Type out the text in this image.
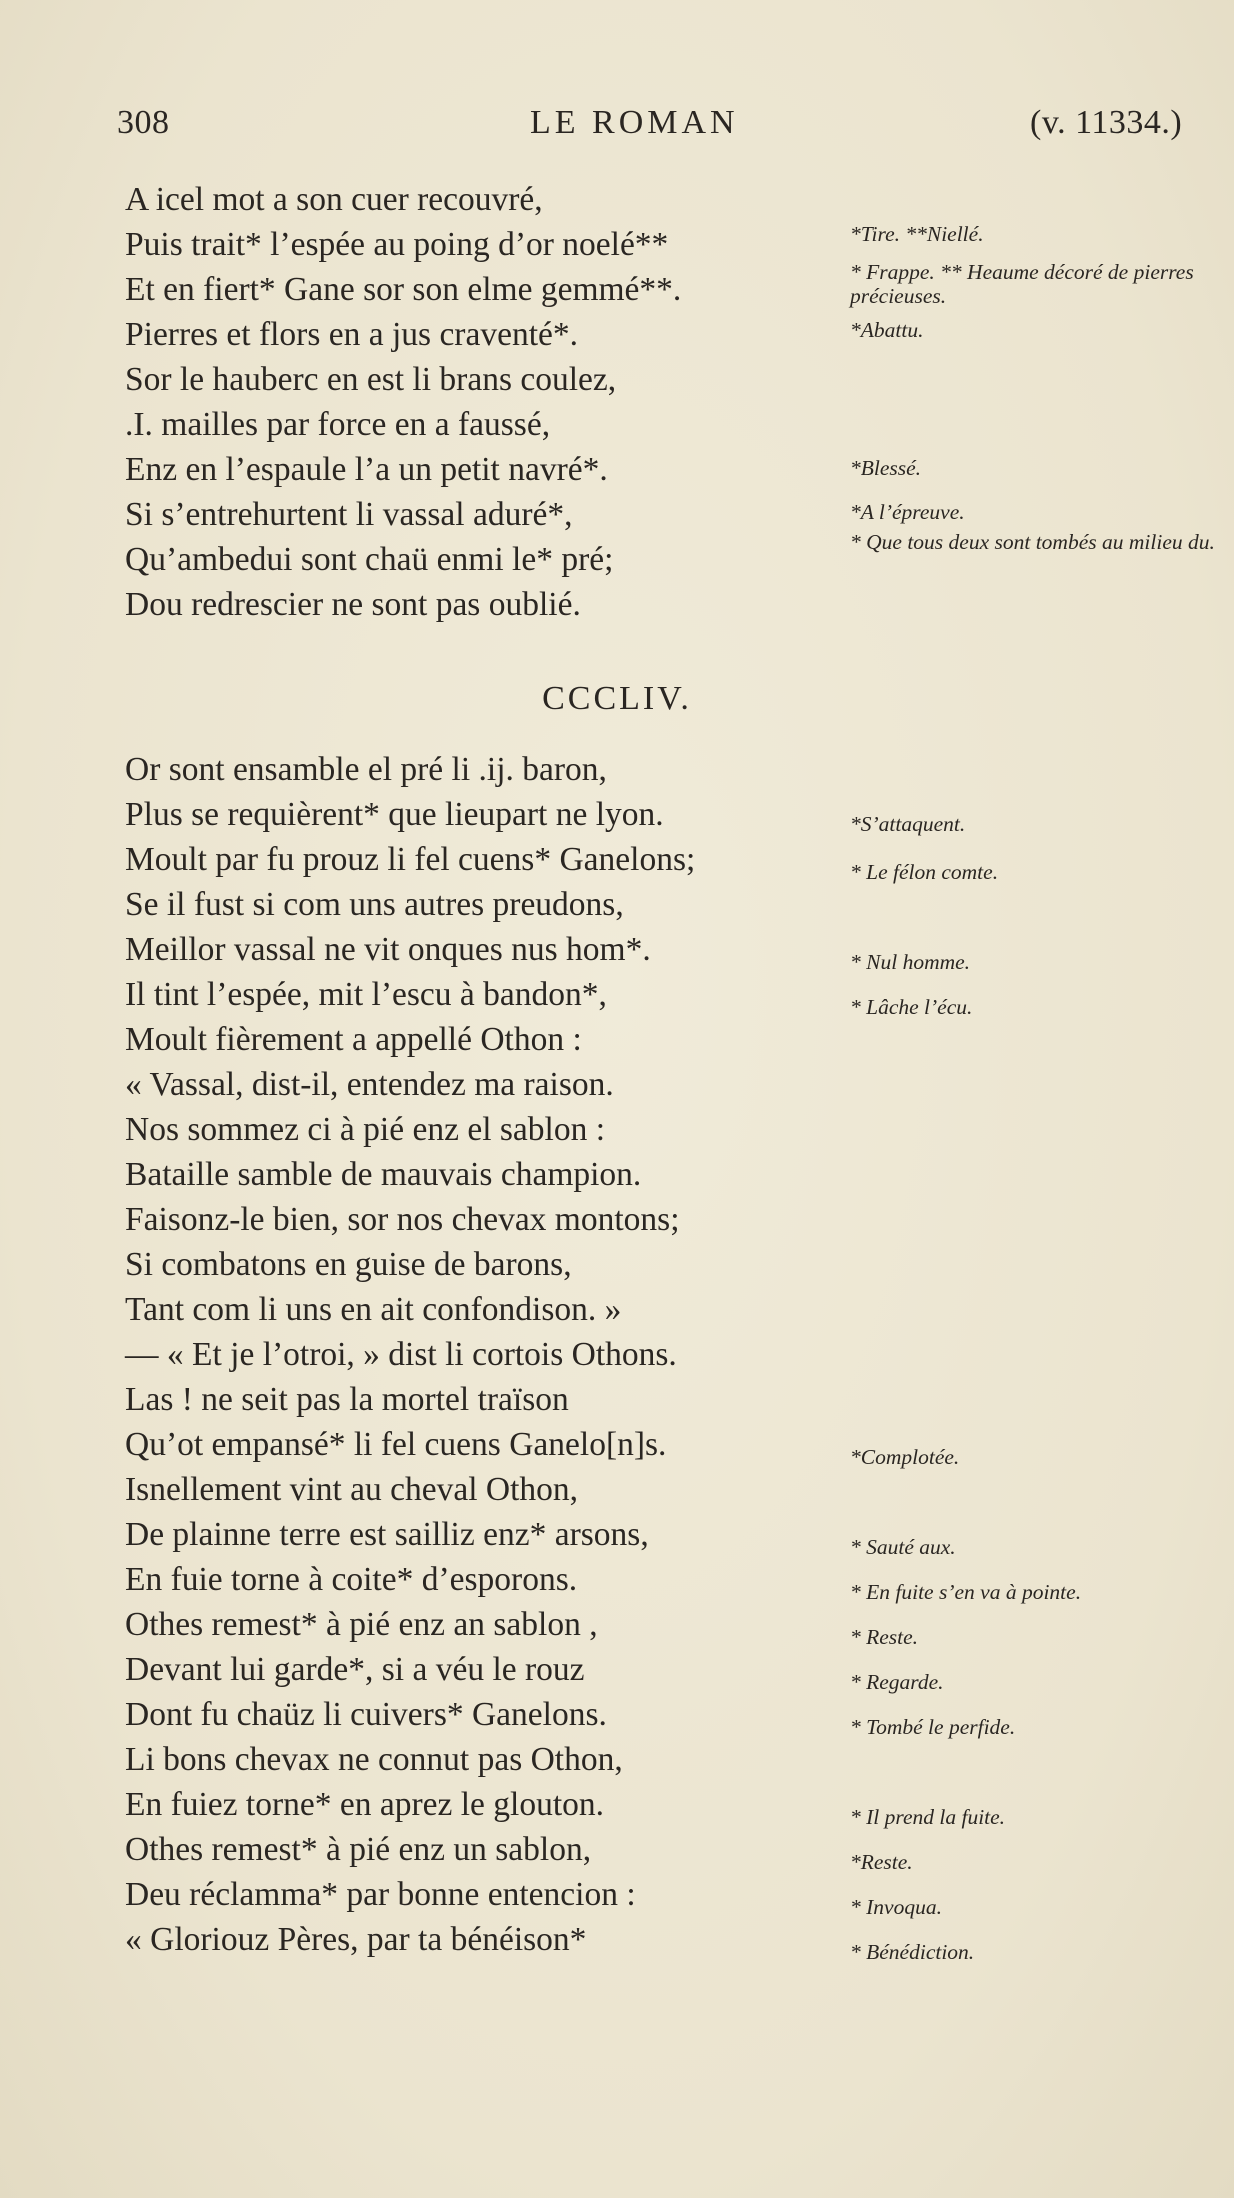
308	LE ROMAN	(v. 11334.)
A icel mot a son cuer recouvré,
Puis trait* l’espée au poing d’or noelé**
Et en fiert* Gane sor son elme gemmé**.
Pierres et flors en a jus craventé*.
Sor le hauberc en est li brans coulez,
.I. mailles par force en a faussé,
Enz en l’espaule l’a un petit navré*.
Si s’entrehurtent li vassal aduré*,
Qu’ambedui sont chaü enmi le* pré;
Dou redrescier ne sont pas oublié.
*Tire. **Niellé.
* Frappe. ** Heaume décoré de pierres précieuses.
*Abattu.
*Blessé.
*A l’épreuve.
* Que tous deux sont tombés au milieu du.
CCCLIV.
Or sont ensamble el pré li .ij. baron,
Plus se requièrent* que lieupart ne lyon.
Moult par fu prouz li fel cuens* Ganelons;
Se il fust si com uns autres preudons,
Meillor vassal ne vit onques nus hom*.
Il tint l’espée, mit l’escu à bandon*,
Moult fièrement a appellé Othon :
« Vassal, dist-il, entendez ma raison.
Nos sommez ci à pié enz el sablon :
Bataille samble de mauvais champion.
Faisonz-le bien, sor nos chevax montons;
Si combatons en guise de barons,
Tant com li uns en ait confondison. »
— « Et je l’otroi, » dist li cortois Othons.
Las ! ne seit pas la mortel traïson
Qu’ot empansé* li fel cuens Ganelo[n]s.
Isnellement vint au cheval Othon,
De plainne terre est sailliz enz* arsons,
En fuie torne à coite* d’esporons.
Othes remest* à pié enz an sablon ,
Devant lui garde*, si a véu le rouz
Dont fu chaüz li cuivers* Ganelons.
Li bons chevax ne connut pas Othon,
En fuiez torne* en aprez le glouton.
Othes remest* à pié enz un sablon,
Deu réclamma* par bonne entencion :
« Gloriouz Pères, par ta bénéison*
*S’attaquent.
* Le félon comte.
* Nul homme.
* Lâche l’écu.
*Complotée.
* Sauté aux.
* En fuite s’en va à pointe.
* Reste.
* Regarde.
* Tombé le perfide.
* Il prend la fuite.
*Reste.
* Invoqua.
* Bénédiction.
